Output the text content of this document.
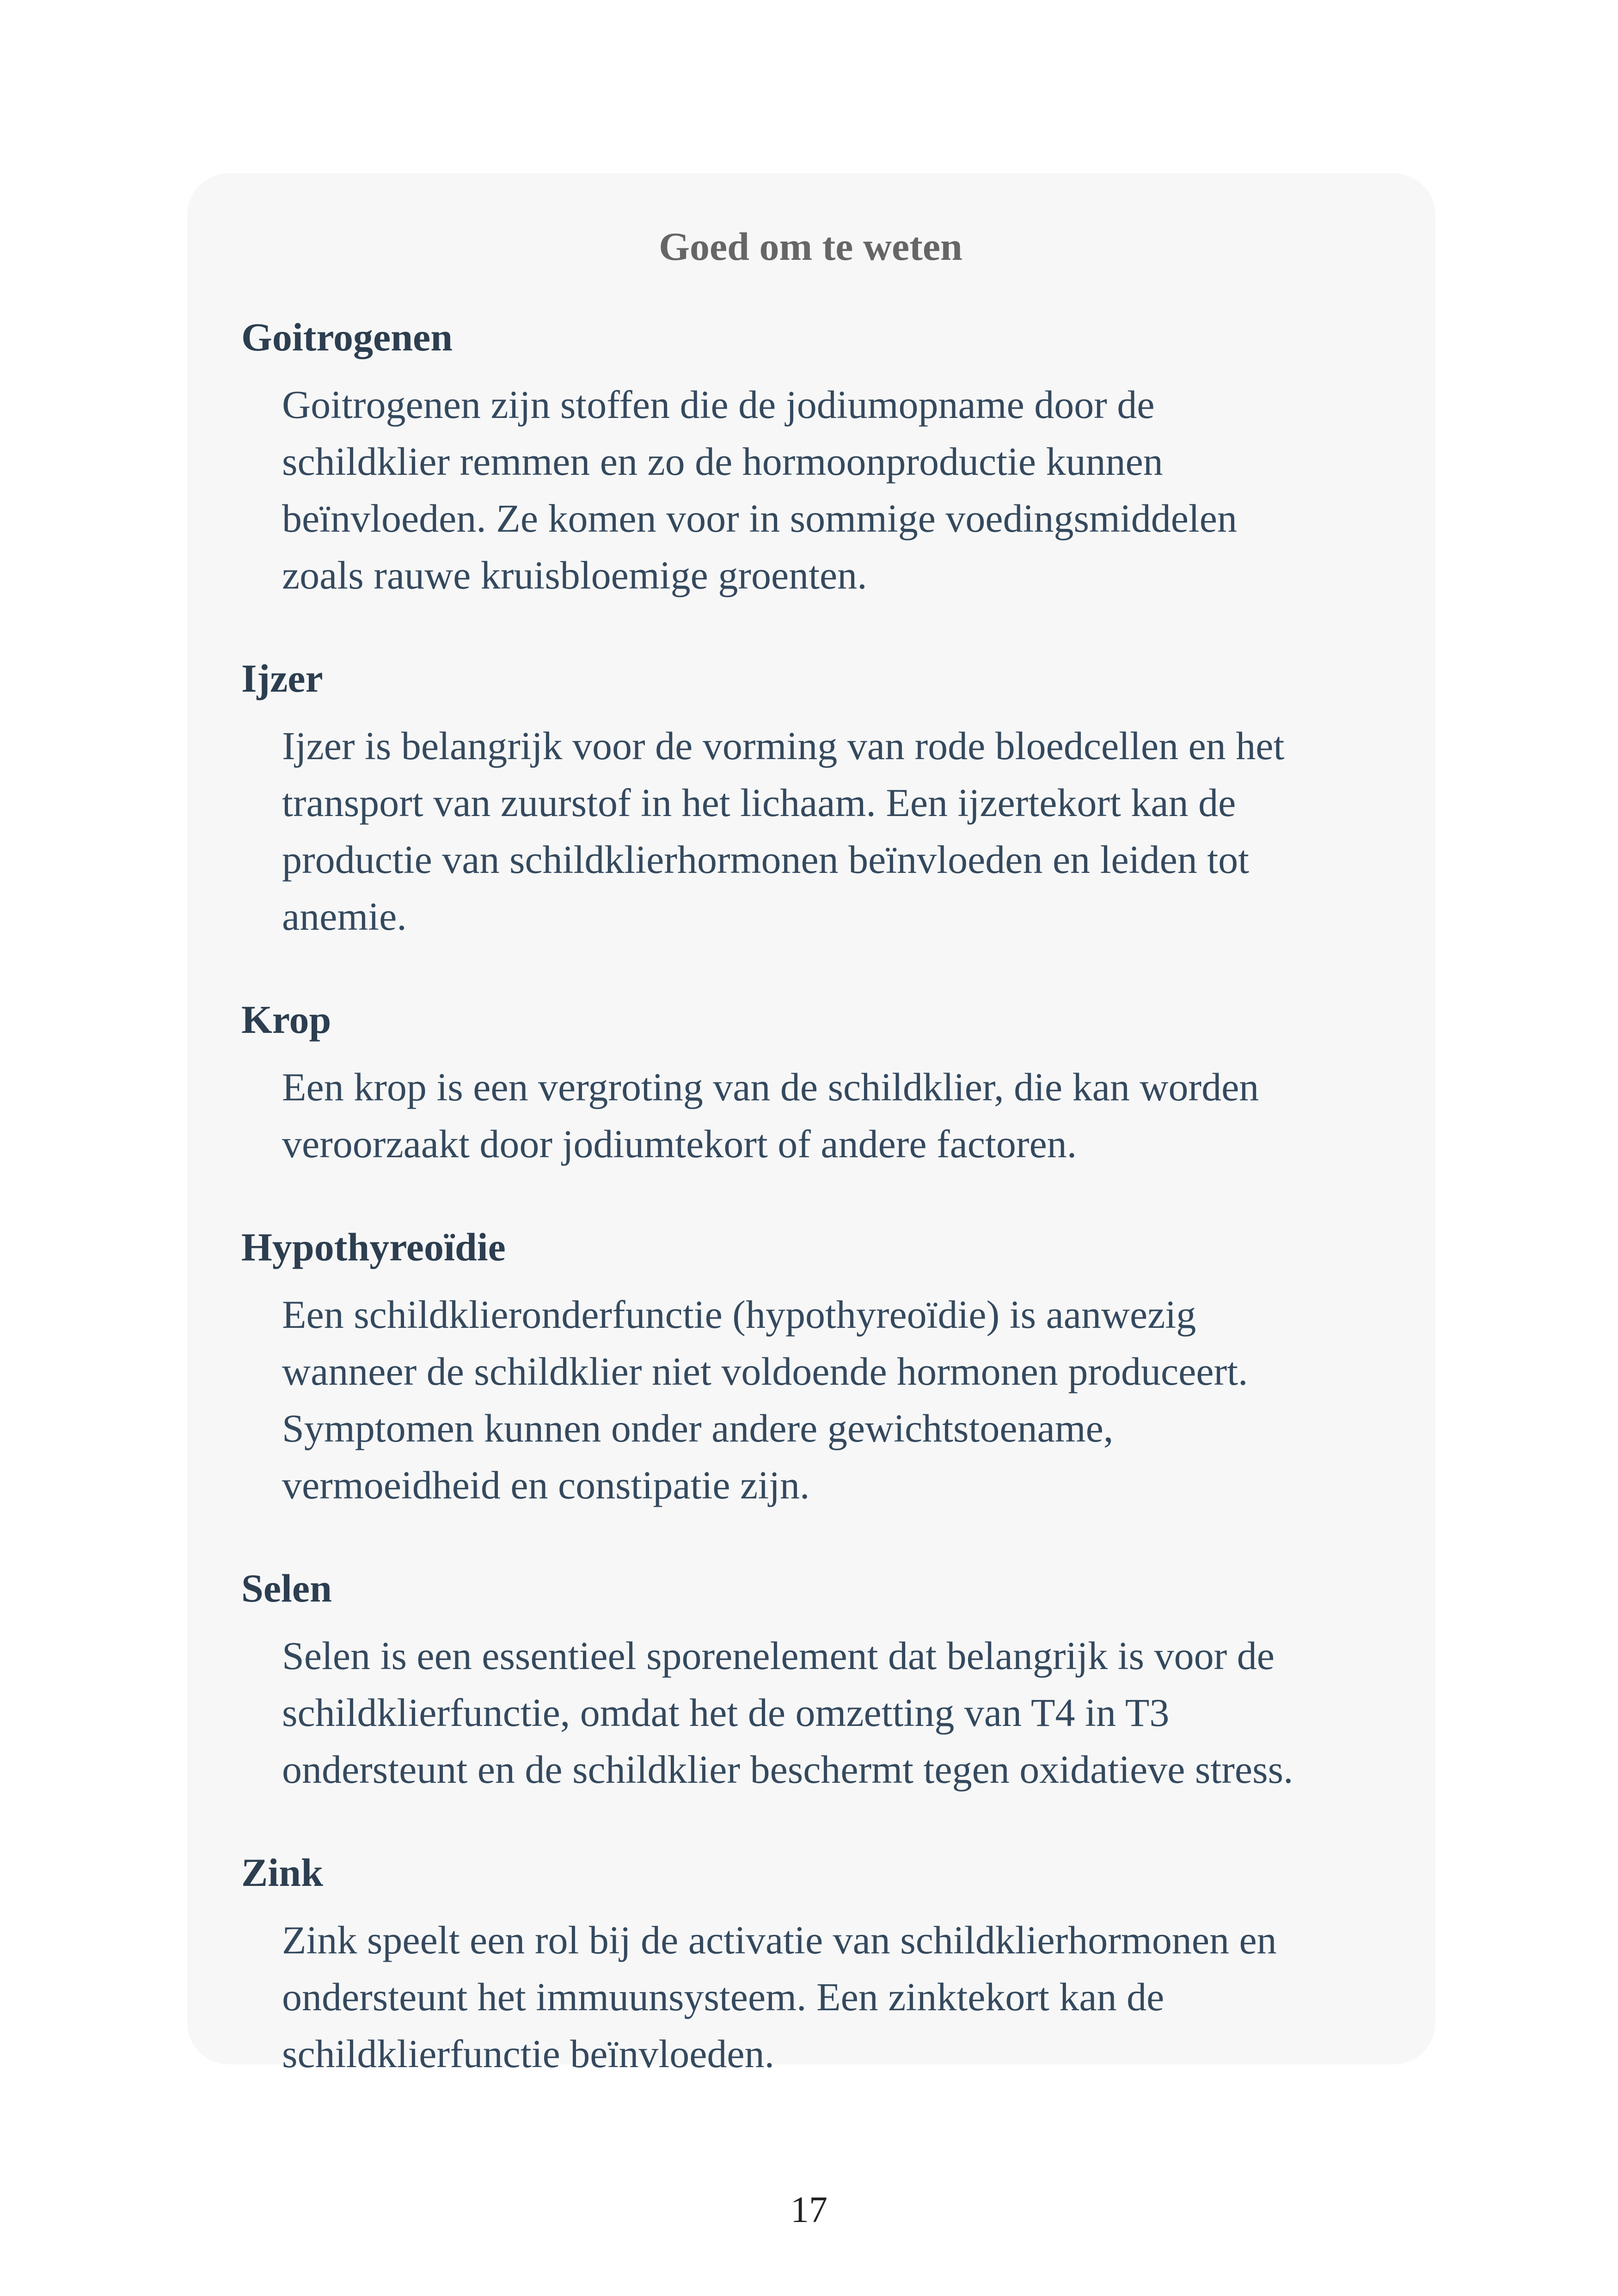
Goed om te weten
Goitrogenen
Goitrogenen zijn stoffen die de jodiumopname door de
schildklier remmen en zo de hormoonproductie kunnen
beïnvloeden. Ze komen voor in sommige voedingsmiddelen
zoals rauwe kruisbloemige groenten.
Ijzer
Ijzer is belangrijk voor de vorming van rode bloedcellen en het
transport van zuurstof in het lichaam. Een ijzertekort kan de
productie van schildklierhormonen beïnvloeden en leiden tot
anemie.
Krop
Een krop is een vergroting van de schildklier, die kan worden
veroorzaakt door jodiumtekort of andere factoren.
Hypothyreoïdie
Een schildklieronderfunctie (hypothyreoïdie) is aanwezig
wanneer de schildklier niet voldoende hormonen produceert.
Symptomen kunnen onder andere gewichtstoename,
vermoeidheid en constipatie zijn.
Selen
Selen is een essentieel sporenelement dat belangrijk is voor de
schildklierfunctie, omdat het de omzetting van T4 in T3
ondersteunt en de schildklier beschermt tegen oxidatieve stress.
Zink
Zink speelt een rol bij de activatie van schildklierhormonen en
ondersteunt het immuunsysteem. Een zinktekort kan de
schildklierfunctie beïnvloeden.
17
